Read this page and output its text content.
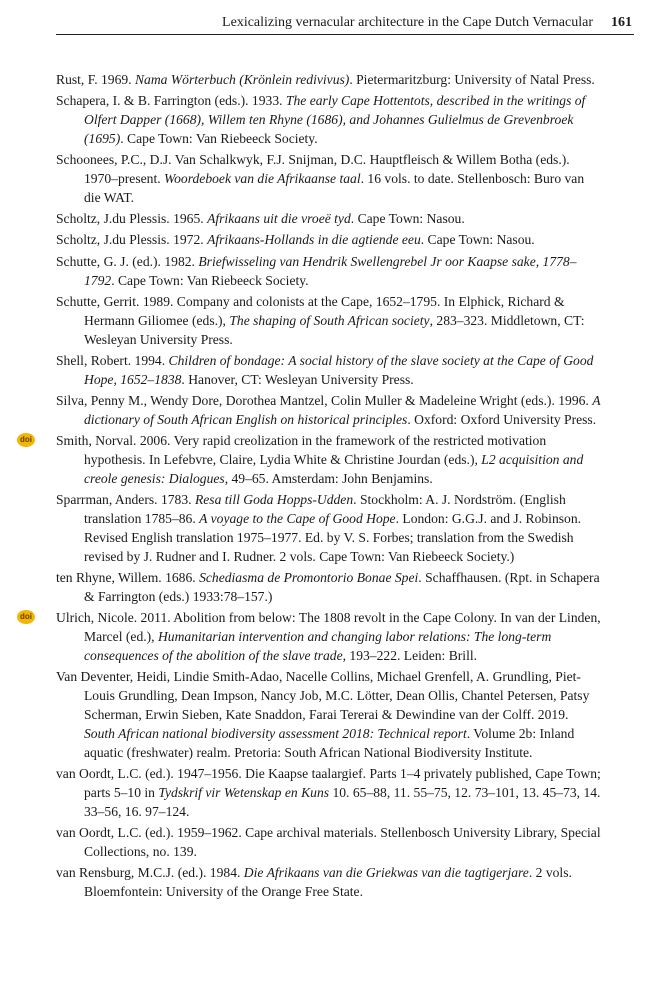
Lexicalizing vernacular architecture in the Cape Dutch Vernacular 161

Rust, F. 1969. Nama Wörterbuch (Krönlein redivivus). Pietermaritzburg: University of Natal Press.

Schapera, I. & B. Farrington (eds.). 1933. The early Cape Hottentots, described in the writings of Olfert Dapper (1668), Willem ten Rhyne (1686), and Johannes Gulielmus de Grevenbroek (1695). Cape Town: Van Riebeeck Society.

Schoonees, P.C., D.J. Van Schalkwyk, F.J. Snijman, D.C. Hauptfleisch & Willem Botha (eds.). 1970–present. Woordeboek van die Afrikaanse taal. 16 vols. to date. Stellenbosch: Buro van die WAT.

Scholtz, J.du Plessis. 1965. Afrikaans uit die vroeë tyd. Cape Town: Nasou.

Scholtz, J.du Plessis. 1972. Afrikaans-Hollands in die agtiende eeu. Cape Town: Nasou.

Schutte, G. J. (ed.). 1982. Briefwisseling van Hendrik Swellengrebel Jr oor Kaapse sake, 1778–1792. Cape Town: Van Riebeeck Society.

Schutte, Gerrit. 1989. Company and colonists at the Cape, 1652–1795. In Elphick, Richard & Hermann Giliomee (eds.), The shaping of South African society, 283–323. Middletown, CT: Wesleyan University Press.

Shell, Robert. 1994. Children of bondage: A social history of the slave society at the Cape of Good Hope, 1652–1838. Hanover, CT: Wesleyan University Press.

Silva, Penny M., Wendy Dore, Dorothea Mantzel, Colin Muller & Madeleine Wright (eds.). 1996. A dictionary of South African English on historical principles. Oxford: Oxford University Press.

doi Smith, Norval. 2006. Very rapid creolization in the framework of the restricted motivation hypothesis. In Lefebvre, Claire, Lydia White & Christine Jourdan (eds.), L2 acquisition and creole genesis: Dialogues, 49–65. Amsterdam: John Benjamins.

Sparrman, Anders. 1783. Resa till Goda Hopps-Udden. Stockholm: A. J. Nordström. (English translation 1785–86. A voyage to the Cape of Good Hope. London: G.G.J. and J. Robinson. Revised English translation 1975–1977. Ed. by V. S. Forbes; translation from the Swedish revised by J. Rudner and I. Rudner. 2 vols. Cape Town: Van Riebeeck Society.)

ten Rhyne, Willem. 1686. Schediasma de Promontorio Bonae Spei. Schaffhausen. (Rpt. in Schapera & Farrington (eds.) 1933:78–157.)

doi Ulrich, Nicole. 2011. Abolition from below: The 1808 revolt in the Cape Colony. In van der Linden, Marcel (ed.), Humanitarian intervention and changing labor relations: The long-term consequences of the abolition of the slave trade, 193–222. Leiden: Brill.

Van Deventer, Heidi, Lindie Smith-Adao, Nacelle Collins, Michael Grenfell, A. Grundling, Piet-Louis Grundling, Dean Impson, Nancy Job, M.C. Lötter, Dean Ollis, Chantel Petersen, Patsy Scherman, Erwin Sieben, Kate Snaddon, Farai Tererai & Dewindine van der Colff. 2019. South African national biodiversity assessment 2018: Technical report. Volume 2b: Inland aquatic (freshwater) realm. Pretoria: South African National Biodiversity Institute.

van Oordt, L.C. (ed.). 1947–1956. Die Kaapse taalargief. Parts 1–4 privately published, Cape Town; parts 5–10 in Tydskrif vir Wetenskap en Kuns 10. 65–88, 11. 55–75, 12. 73–101, 13. 45–73, 14. 33–56, 16. 97–124.

van Oordt, L.C. (ed.). 1959–1962. Cape archival materials. Stellenbosch University Library, Special Collections, no. 139.

van Rensburg, M.C.J. (ed.). 1984. Die Afrikaans van die Griekwas van die tagtigerjare. 2 vols. Bloemfontein: University of the Orange Free State.
